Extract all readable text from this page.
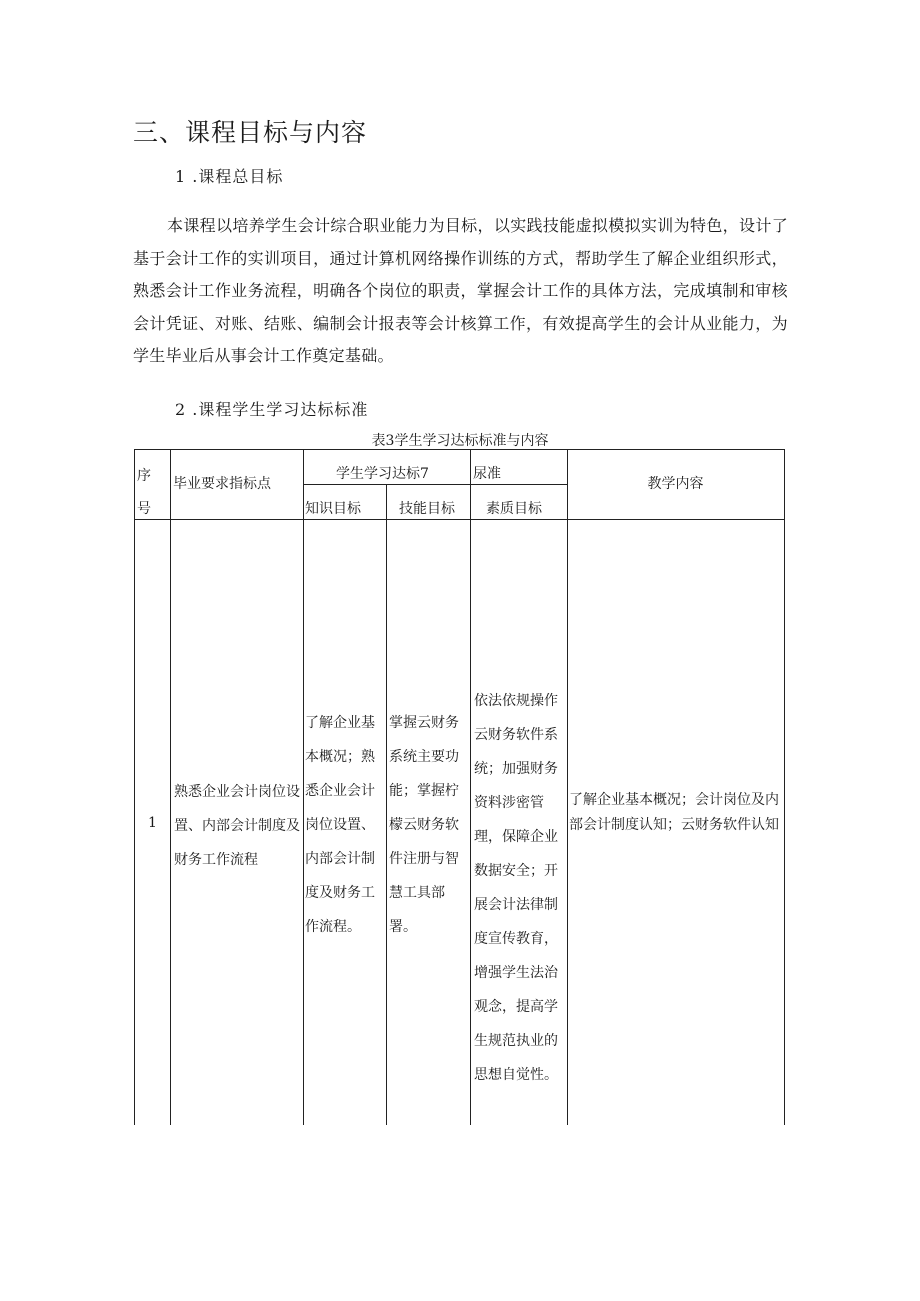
三、课程目标与内容
1 .课程总目标
本课程以培养学生会计综合职业能力为目标，以实践技能虚拟模拟实训为特色，设计了基于会计工作的实训项目，通过计算机网络操作训练的方式，帮助学生了解企业组织形式，熟悉会计工作业务流程，明确各个岗位的职责，掌握会计工作的具体方法，完成填制和审核会计凭证、对账、结账、编制会计报表等会计核算工作，有效提高学生的会计从业能力，为学生毕业后从事会计工作奠定基础。
2 .课程学生学习达标标准
表3学生学习达标标准与内容
序
号
毕业要求指标点
学生学习达标7	尿准
知识目标	技能目标 素质目标
教学内容
1
熟悉企业会计岗位设置、内部会计制度及财务工作流程
了解企业基本概况；熟悉企业会计岗位设置、内部会计制度及财务工作流程。
掌握云财务系统主要功能；掌握柠檬云财务软件注册与智慧工具部署。
依法依规操作云财务软件系统；加强财务资料涉密管理，保障企业数据安全；开展会计法律制度宣传教育，增强学生法治观念，提高学生规范执业的思想自觉性。
了解企业基本概况；会计岗位及内部会计制度认知；云财务软件认知
